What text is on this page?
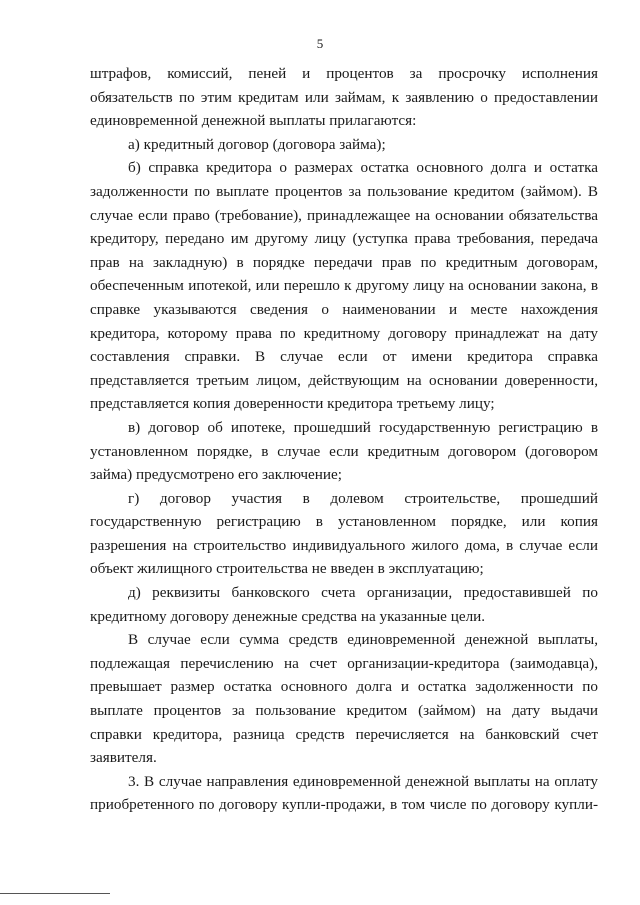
5
штрафов, комиссий, пеней и процентов за просрочку исполнения
обязательств по этим кредитам или займам, к заявлению о предоставлении
единовременной денежной выплаты прилагаются:
а) кредитный договор (договора займа);
б) справка кредитора о размерах остатка основного долга и остатка
задолженности по выплате процентов за пользование кредитом (займом). В
случае если право (требование), принадлежащее на основании обязательства
кредитору, передано им другому лицу (уступка права требования, передача
прав на закладную) в порядке передачи прав по кредитным договорам,
обеспеченным ипотекой, или перешло к другому лицу на основании закона, в
справке указываются сведения о наименовании и месте нахождения
кредитора, которому права по кредитному договору принадлежат на дату
составления справки. В случае если от имени кредитора справка
представляется третьим лицом, действующим на основании доверенности,
представляется копия доверенности кредитора третьему лицу;
в) договор об ипотеке, прошедший государственную регистрацию в
установленном порядке, в случае если кредитным договором (договором
займа) предусмотрено его заключение;
г) договор участия в долевом строительстве, прошедший
государственную регистрацию в установленном порядке, или копия
разрешения на строительство индивидуального жилого дома, в случае если
объект жилищного строительства не введен в эксплуатацию;
д) реквизиты банковского счета организации, предоставившей по
кредитному договору денежные средства на указанные цели.
В случае если сумма средств единовременной денежной выплаты,
подлежащая перечислению на счет организации-кредитора (заимодавца),
превышает размер остатка основного долга и остатка задолженности по
выплате процентов за пользование кредитом (займом) на дату выдачи
справки кредитора, разница средств перечисляется на банковский счет
заявителя.
3. В случае направления единовременной денежной выплаты на оплату
приобретенного по договору купли-продажи, в том числе по договору купли-
